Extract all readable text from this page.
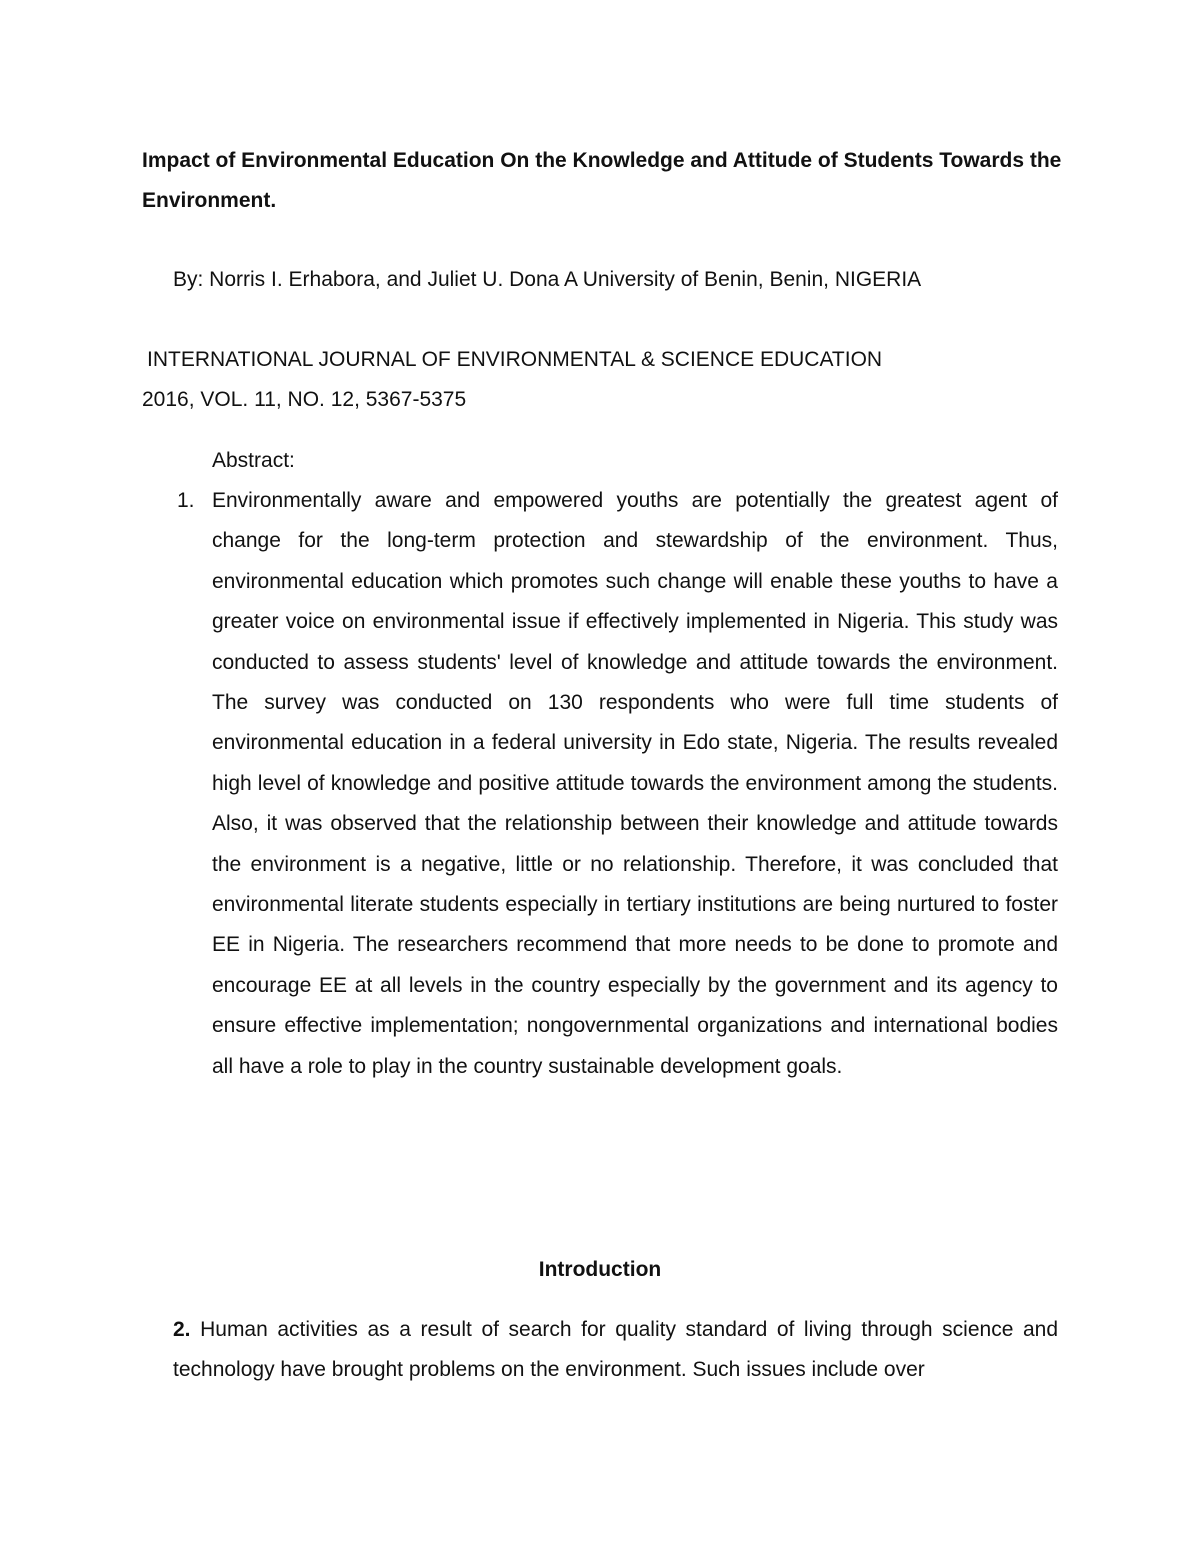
Impact of Environmental Education On the Knowledge and Attitude of Students Towards the Environment.

By: Norris I. Erhabora, and Juliet U. Dona A University of Benin, Benin, NIGERIA

INTERNATIONAL JOURNAL OF ENVIRONMENTAL & SCIENCE EDUCATION
2016, VOL. 11, NO. 12, 5367-5375

Abstract:

1. Environmentally aware and empowered youths are potentially the greatest agent of change for the long-term protection and stewardship of the environment. Thus, environmental education which promotes such change will enable these youths to have a greater voice on environmental issue if effectively implemented in Nigeria. This study was conducted to assess students' level of knowledge and attitude towards the environment. The survey was conducted on 130 respondents who were full time students of environmental education in a federal university in Edo state, Nigeria. The results revealed high level of knowledge and positive attitude towards the environment among the students. Also, it was observed that the relationship between their knowledge and attitude towards the environment is a negative, little or no relationship. Therefore, it was concluded that environmental literate students especially in tertiary institutions are being nurtured to foster EE in Nigeria. The researchers recommend that more needs to be done to promote and encourage EE at all levels in the country especially by the government and its agency to ensure effective implementation; nongovernmental organizations and international bodies all have a role to play in the country sustainable development goals.
Introduction

2. Human activities as a result of search for quality standard of living through science and technology have brought problems on the environment. Such issues include over
